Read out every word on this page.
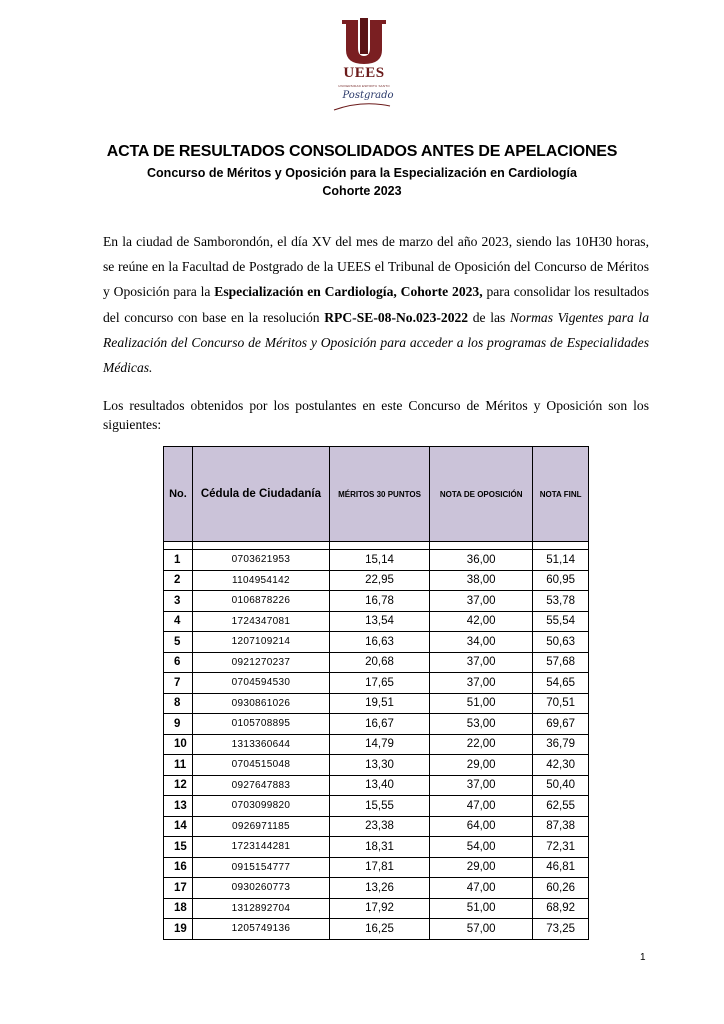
UEES
UNIVERSIDAD ESPIRITU SANTO
Postgrado
ACTA DE RESULTADOS CONSOLIDADOS ANTES DE APELACIONES
Concurso de Méritos y Oposición para la Especialización en Cardiología
Cohorte 2023
En la ciudad de Samborondón, el día XV del mes de marzo del año 2023, siendo las 10H30 horas, se reúne en la Facultad de Postgrado de la UEES el Tribunal de Oposición del Concurso de Méritos y Oposición para la Especialización en Cardiología, Cohorte 2023, para consolidar los resultados del concurso con base en la resolución RPC-SE-08-No.023-2022 de las Normas Vigentes para la Realización del Concurso de Méritos y Oposición para acceder a los programas de Especialidades Médicas.
Los resultados obtenidos por los postulantes en este Concurso de Méritos y Oposición son los siguientes:
No.	Cédula de Ciudadanía	MÉRITOS 30 PUNTOS	NOTA DE OPOSICIÓN	NOTA FINL

1	0703621953	15,14	36,00	51,14
2	1104954142	22,95	38,00	60,95
3	0106878226	16,78	37,00	53,78
4	1724347081	13,54	42,00	55,54
5	1207109214	16,63	34,00	50,63
6	0921270237	20,68	37,00	57,68
7	0704594530	17,65	37,00	54,65
8	0930861026	19,51	51,00	70,51
9	0105708895	16,67	53,00	69,67
10	1313360644	14,79	22,00	36,79
11	0704515048	13,30	29,00	42,30
12	0927647883	13,40	37,00	50,40
13	0703099820	15,55	47,00	62,55
14	0926971185	23,38	64,00	87,38
15	1723144281	18,31	54,00	72,31
16	0915154777	17,81	29,00	46,81
17	0930260773	13,26	47,00	60,26
18	1312892704	17,92	51,00	68,92
19	1205749136	16,25	57,00	73,25
1
